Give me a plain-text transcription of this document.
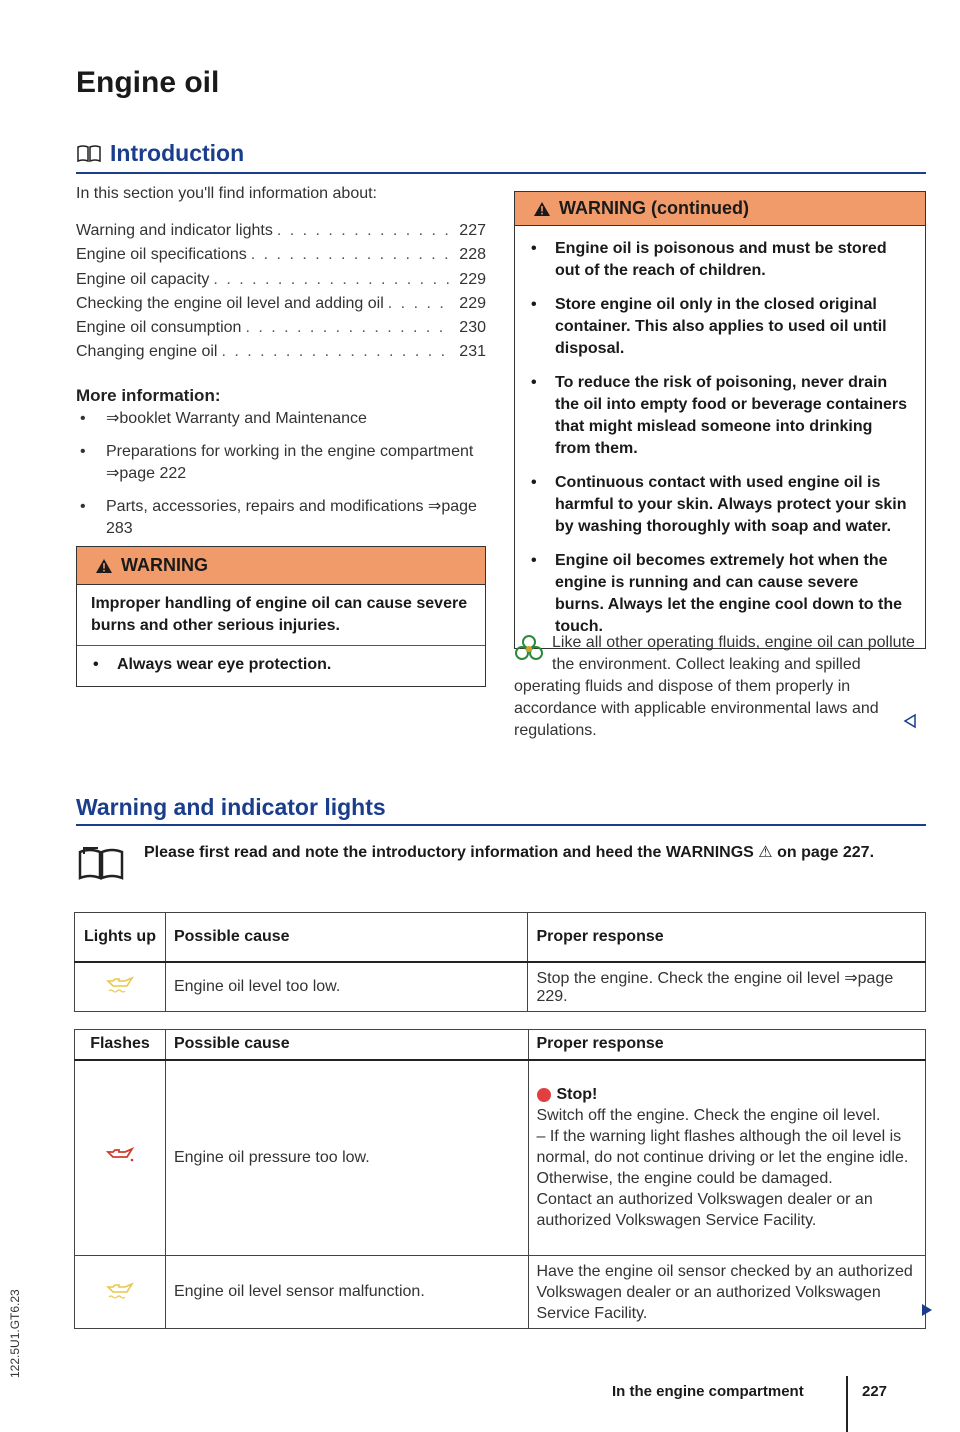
Engine oil
Introduction
In this section you'll find information about:
Warning and indicator lights . . .	227
Engine oil specifications . . .	228
Engine oil capacity . . .	229
Checking the engine oil level and adding oil . . .	229
Engine oil consumption . . .	230
Changing engine oil . . .	231
More information:
• ⇒booklet Warranty and Maintenance
• Preparations for working in the engine compartment ⇒page 222
• Parts, accessories, repairs and modifications ⇒page 283
WARNING
Improper handling of engine oil can cause severe burns and other serious injuries.
• Always wear eye protection.
WARNING (continued)
• Engine oil is poisonous and must be stored out of the reach of children.
• Store engine oil only in the closed original container. This also applies to used oil until disposal.
• To reduce the risk of poisoning, never drain the oil into empty food or beverage containers that might mislead someone into drinking from them.
• Continuous contact with used engine oil is harmful to your skin. Always protect your skin by washing thoroughly with soap and water.
• Engine oil becomes extremely hot when the engine is running and can cause severe burns. Always let the engine cool down to the touch.
Like all other operating fluids, engine oil can pollute the environment. Collect leaking and spilled operating fluids and dispose of them properly in accordance with applicable environmental laws and regulations.
Warning and indicator lights
Please first read and note the introductory information and heed the WARNINGS ⚠ on page 227.
Lights up	Possible cause	Proper response
	Engine oil level too low.	Stop the engine. Check the engine oil level ⇒page 229.
Flashes	Possible cause	Proper response
	Engine oil pressure too low.	Stop!
Switch off the engine. Check the engine oil level.
– If the warning light flashes although the oil level is normal, do not continue driving or let the engine idle. Otherwise, the engine could be damaged.
Contact an authorized Volkswagen dealer or an authorized Volkswagen Service Facility.

	Engine oil level sensor malfunction.	Have the engine oil sensor checked by an authorized Volkswagen dealer or an authorized Volkswagen Service Facility.
122.5U1.GT6.23
In the engine compartment	227
